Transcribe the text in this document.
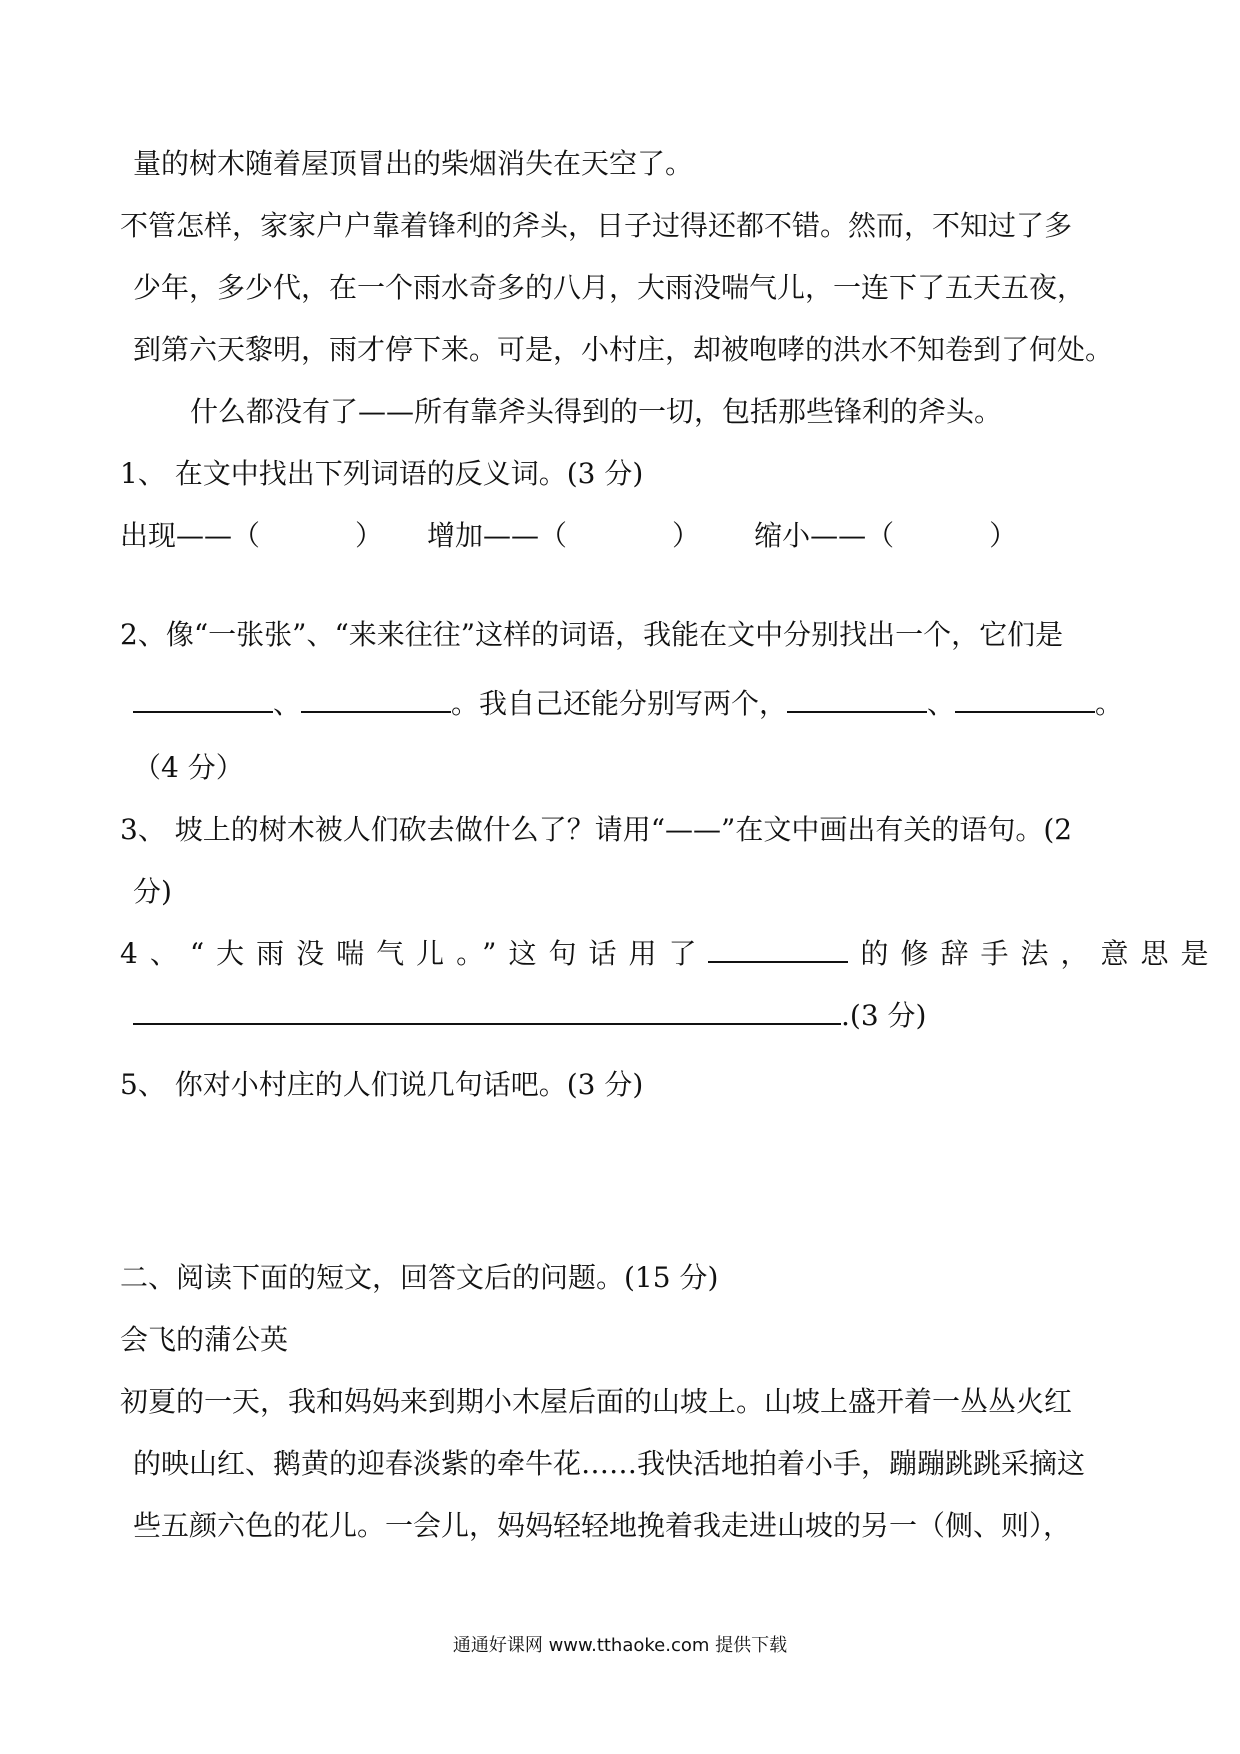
量的树木随着屋顶冒出的柴烟消失在天空了。
不管怎样，家家户户靠着锋利的斧头，日子过得还都不错。然而，不知过了多
少年，多少代，在一个雨水奇多的八月，大雨没喘气儿，一连下了五天五夜，
到第六天黎明，雨才停下来。可是，小村庄，却被咆哮的洪水不知卷到了何处。
什么都没有了——所有靠斧头得到的一切，包括那些锋利的斧头。
1、 在文中找出下列词语的反义词。(3 分)
出现——（	） 增加——（	） 缩小——（	）
2、像“一张张”、“来来往往”这样的词语，我能在文中分别找出一个，它们是
、	。我自己还能分别写两个，	、	。
（4 分）
3、 坡上的树木被人们砍去做什么了？请用“——”在文中画出有关的语句。(2
分)
4、“大雨没喘气儿。”这句话用了	的修辞手法，意思是
.(3 分)
5、 你对小村庄的人们说几句话吧。(3 分)
二、阅读下面的短文，回答文后的问题。(15 分)
会飞的蒲公英
初夏的一天，我和妈妈来到期小木屋后面的山坡上。山坡上盛开着一丛丛火红
的映山红、鹅黄的迎春淡紫的牵牛花……我快活地拍着小手，蹦蹦跳跳采摘这
些五颜六色的花儿。一会儿，妈妈轻轻地挽着我走进山坡的另一（侧、则），
通通好课网 www.tthaoke.com 提供下载
